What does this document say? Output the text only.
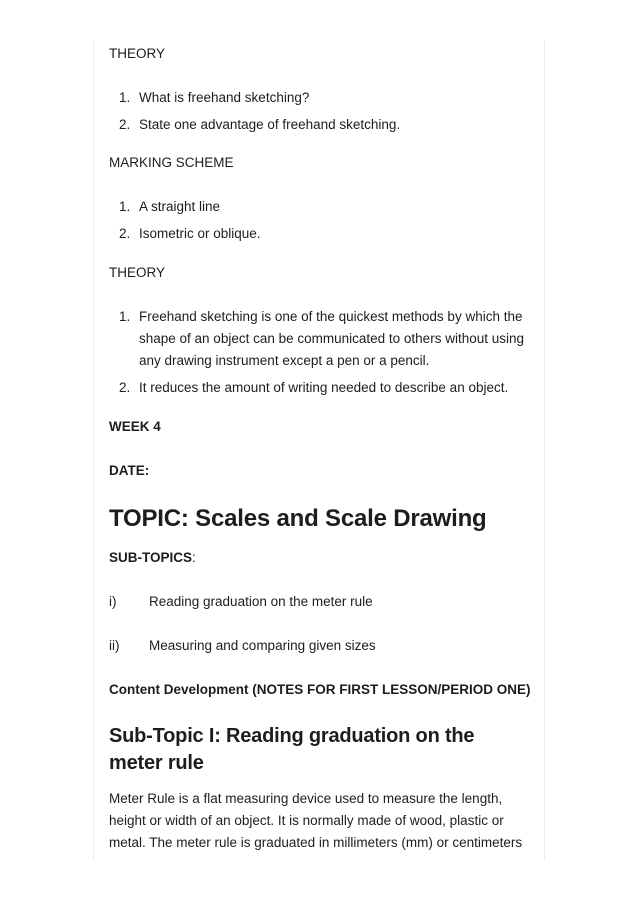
THEORY

1. What is freehand sketching?
2. State one advantage of freehand sketching.

MARKING SCHEME

1. A straight line
2. Isometric or oblique.

THEORY

1. Freehand sketching is one of the quickest methods by which the shape of an object can be communicated to others without using any drawing instrument except a pen or a pencil.
2. It reduces the amount of writing needed to describe an object.

WEEK 4

DATE:

TOPIC: Scales and Scale Drawing

SUB-TOPICS:

i) Reading graduation on the meter rule
ii) Measuring and comparing given sizes

Content Development (NOTES FOR FIRST LESSON/PERIOD ONE)

Sub-Topic I: Reading graduation on the meter rule

Meter Rule is a flat measuring device used to measure the length, height or width of an object. It is normally made of wood, plastic or metal. The meter rule is graduated in millimeters (mm) or centimeters
